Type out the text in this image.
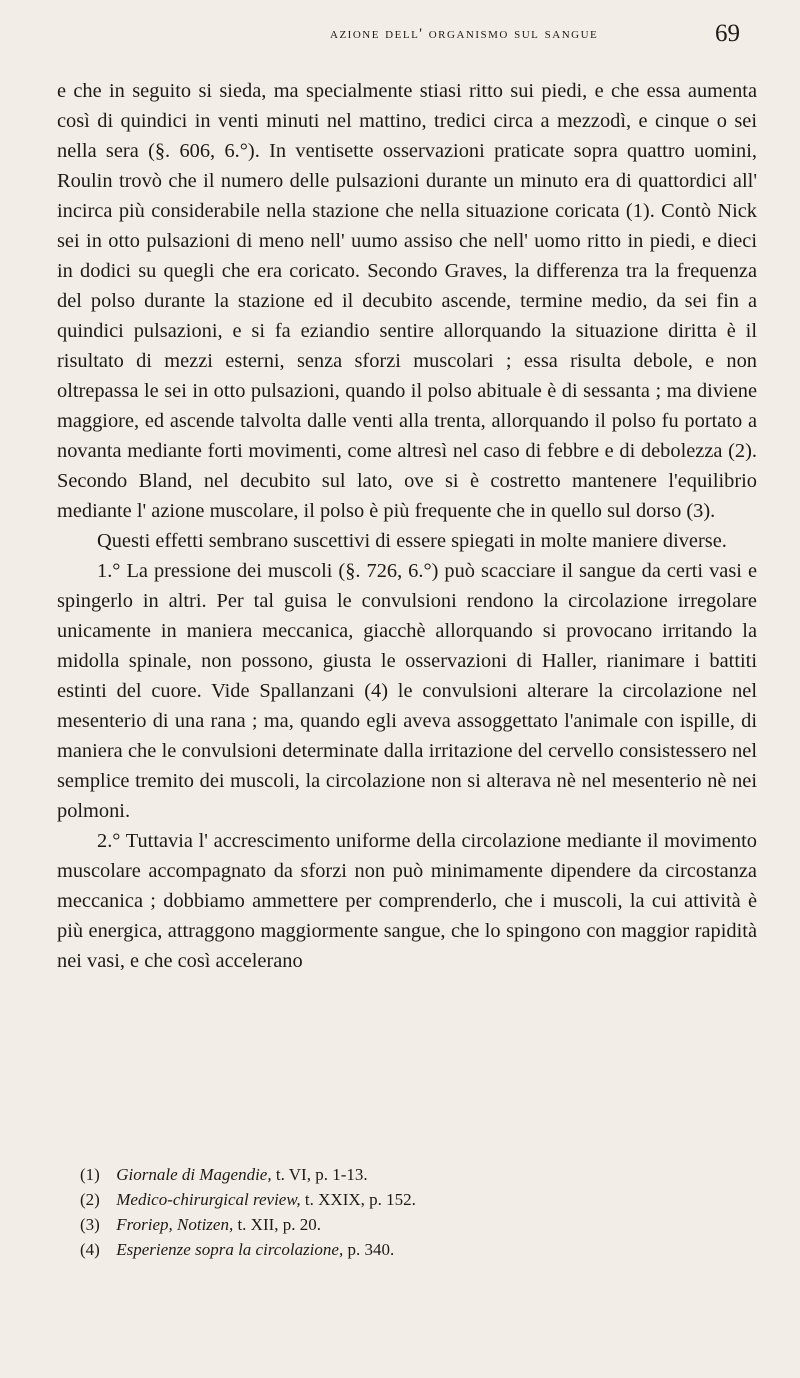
azione dell' organismo sul sangue	69

e che in seguito si sieda, ma specialmente stiasi ritto sui piedi, e che essa aumenta così di quindici in venti minuti nel mattino, tredici circa a mezzodì, e cinque o sei nella sera (§. 606, 6.°). In ventisette osservazioni praticate sopra quattro uomini, Roulin trovò che il numero delle pulsazioni durante un minuto era di quattordici all' incirca più considerabile nella stazione che nella situazione coricata (1). Contò Nick sei in otto pulsazioni di meno nell' uumo assiso che nell' uomo ritto in piedi, e dieci in dodici su quegli che era coricato. Secondo Graves, la differenza tra la frequenza del polso durante la stazione ed il decubito ascende, termine medio, da sei fin a quindici pulsazioni, e si fa eziandio sentire allorquando la situazione diritta è il risultato di mezzi esterni, senza sforzi muscolari ; essa risulta debole, e non oltrepassa le sei in otto pulsazioni, quando il polso abituale è di sessanta ; ma diviene maggiore, ed ascende talvolta dalle venti alla trenta, allorquando il polso fu portato a novanta mediante forti movimenti, come altresì nel caso di febbre e di debolezza (2). Secondo Bland, nel decubito sul lato, ove si è costretto mantenere l'equilibrio mediante l' azione muscolare, il polso è più frequente che in quello sul dorso (3).

Questi effetti sembrano suscettivi di essere spiegati in molte maniere diverse.

1.° La pressione dei muscoli (§. 726, 6.°) può scacciare il sangue da certi vasi e spingerlo in altri. Per tal guisa le convulsioni rendono la circolazione irregolare unicamente in maniera meccanica, giacchè allorquando si provocano irritando la midolla spinale, non possono, giusta le osservazioni di Haller, rianimare i battiti estinti del cuore. Vide Spallanzani (4) le convulsioni alterare la circolazione nel mesenterio di una rana ; ma, quando egli aveva assoggettato l'animale con ispille, di maniera che le convulsioni determinate dalla irritazione del cervello consistessero nel semplice tremito dei muscoli, la circolazione non si alterava nè nel mesenterio nè nei polmoni.

2.° Tuttavia l' accrescimento uniforme della circolazione mediante il movimento muscolare accompagnato da sforzi non può minimamente dipendere da circostanza meccanica ; dobbiamo ammettere per comprenderlo, che i muscoli, la cui attività è più energica, attraggono maggiormente sangue, che lo spingono con maggior rapidità nei vasi, e che così accelerano

(1) Giornale di Magendie, t. VI, p. 1-13.
(2) Medico-chirurgical review, t. XXIX, p. 152.
(3) Froriep, Notizen, t. XII, p. 20.
(4) Esperienze sopra la circolazione, p. 340.
